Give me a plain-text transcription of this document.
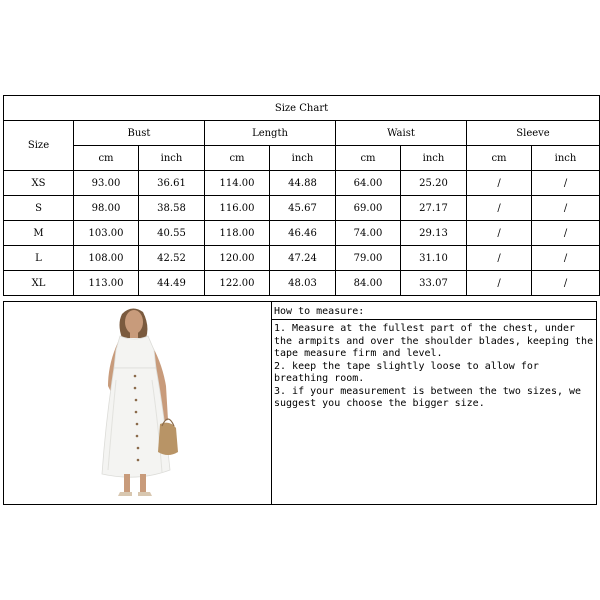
Size Chart								
Size	Bust		Length		Waist		Sleeve	
	cm	inch	cm	inch	cm	inch	cm	inch
XS	93.00	36.61	114.00	44.88	64.00	25.20	/	/
S	98.00	38.58	116.00	45.67	69.00	27.17	/	/
M	103.00	40.55	118.00	46.46	74.00	29.13	/	/
L	108.00	42.52	120.00	47.24	79.00	31.10	/	/
XL	113.00	44.49	122.00	48.03	84.00	33.07	/	/
How to measure:
1. Measure at the fullest part of the chest, under the armpits and over the shoulder blades, keeping the tape measure firm and level.
2. keep the tape slightly loose to allow for breathing room.
3. if your measurement is between the two sizes, we suggest you choose the bigger size.
